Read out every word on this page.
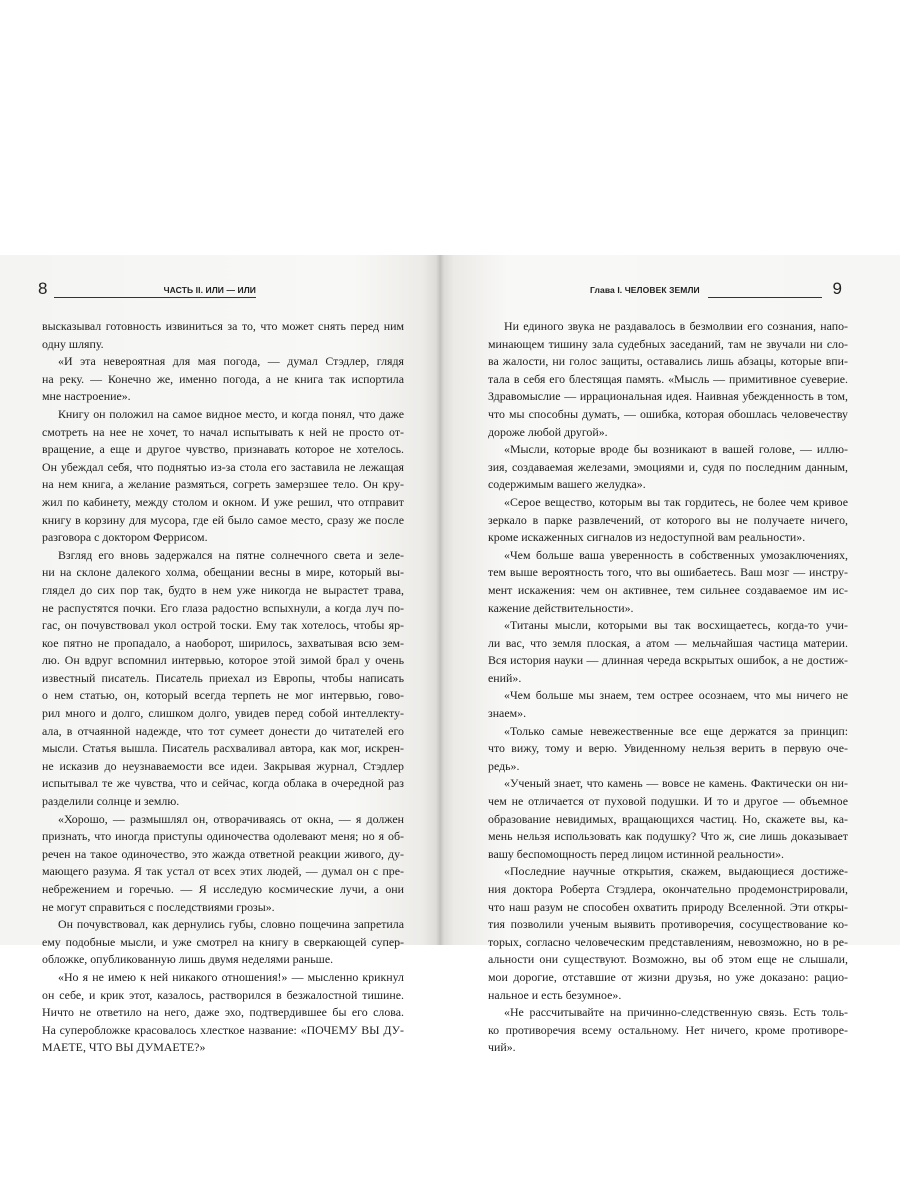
8	ЧАСТЬ II. ИЛИ — ИЛИ
высказывал готовность извиниться за то, что может снять перед ним
одну шляпу.
«И эта невероятная для мая погода, — думал Стэдлер, глядя
на реку. — Конечно же, именно погода, а не книга так испортила
мне настроение».
Книгу он положил на самое видное место, и когда понял, что даже
смотреть на нее не хочет, то начал испытывать к ней не просто от-
вращение, а еще и другое чувство, признавать которое не хотелось.
Он убеждал себя, что поднятью из-за стола его заставила не лежащая
на нем книга, а желание размяться, согреть замерзшее тело. Он кру-
жил по кабинету, между столом и окном. И уже решил, что отправит
книгу в корзину для мусора, где ей было самое место, сразу же после
разговора с доктором Феррисом.
Взгляд его вновь задержался на пятне солнечного света и зеле-
ни на склоне далекого холма, обещании весны в мире, который вы-
глядел до сих пор так, будто в нем уже никогда не вырастет трава,
не распустятся почки. Его глаза радостно вспыхнули, а когда луч по-
гас, он почувствовал укол острой тоски. Ему так хотелось, чтобы яр-
кое пятно не пропадало, а наоборот, ширилось, захватывая всю зем-
лю. Он вдруг вспомнил интервью, которое этой зимой брал у очень
известный писатель. Писатель приехал из Европы, чтобы написать
о нем статью, он, который всегда терпеть не мог интервью, гово-
рил много и долго, слишком долго, увидев перед собой интеллекту-
ала, в отчаянной надежде, что тот сумеет донести до читателей его
мысли. Статья вышла. Писатель расхваливал автора, как мог, искрен-
не исказив до неузнаваемости все идеи. Закрывая журнал, Стэдлер
испытывал те же чувства, что и сейчас, когда облака в очередной раз
разделили солнце и землю.
«Хорошо, — размышлял он, отворачиваясь от окна, — я должен
признать, что иногда приступы одиночества одолевают меня; но я об-
речен на такое одиночество, это жажда ответной реакции живого, ду-
мающего разума. Я так устал от всех этих людей, — думал он с пре-
небрежением и горечью. — Я исследую космические лучи, а они
не могут справиться с последствиями грозы».
Он почувствовал, как дернулись губы, словно пощечина запретила
ему подобные мысли, и уже смотрел на книгу в сверкающей супер-
обложке, опубликованную лишь двумя неделями раньше.
«Но я не имею к ней никакого отношения!» — мысленно крикнул
он себе, и крик этот, казалось, растворился в безжалостной тишине.
Ничто не ответило на него, даже эхо, подтвердившее бы его слова.
На суперобложке красовалось хлесткое название: «ПОЧЕМУ ВЫ ДУ-
МАЕТЕ, ЧТО ВЫ ДУМАЕТЕ?»
Глава I. ЧЕЛОВЕК ЗЕМЛИ	9
Ни единого звука не раздавалось в безмолвии его сознания, напо-
минающем тишину зала судебных заседаний, там не звучали ни сло-
ва жалости, ни голос защиты, оставались лишь абзацы, которые впи-
тала в себя его блестящая память. «Мысль — примитивное суеверие.
Здравомыслие — иррациональная идея. Наивная убежденность в том,
что мы способны думать, — ошибка, которая обошлась человечеству
дороже любой другой».
«Мысли, которые вроде бы возникают в вашей голове, — иллю-
зия, создаваемая железами, эмоциями и, судя по последним данным,
содержимым вашего желудка».
«Серое вещество, которым вы так гордитесь, не более чем кривое
зеркало в парке развлечений, от которого вы не получаете ничего,
кроме искаженных сигналов из недоступной вам реальности».
«Чем больше ваша уверенность в собственных умозаключениях,
тем выше вероятность того, что вы ошибаетесь. Ваш мозг — инстру-
мент искажения: чем он активнее, тем сильнее создаваемое им ис-
кажение действительности».
«Титаны мысли, которыми вы так восхищаетесь, когда-то учи-
ли вас, что земля плоская, а атом — мельчайшая частица материи.
Вся история науки — длинная череда вскрытых ошибок, а не достиж-
ений».
«Чем больше мы знаем, тем острее осознаем, что мы ничего не
знаем».
«Только самые невежественные все еще держатся за принцип:
что вижу, тому и верю. Увиденному нельзя верить в первую оче-
редь».
«Ученый знает, что камень — вовсе не камень. Фактически он ни-
чем не отличается от пуховой подушки. И то и другое — объемное
образование невидимых, вращающихся частиц. Но, скажете вы, ка-
мень нельзя использовать как подушку? Что ж, сие лишь доказывает
вашу беспомощность перед лицом истинной реальности».
«Последние научные открытия, скажем, выдающиеся достиже-
ния доктора Роберта Стэдлера, окончательно продемонстрировали,
что наш разум не способен охватить природу Вселенной. Эти откры-
тия позволили ученым выявить противоречия, сосуществование ко-
торых, согласно человеческим представлениям, невозможно, но в ре-
альности они существуют. Возможно, вы об этом еще не слышали,
мои дорогие, отставшие от жизни друзья, но уже доказано: рацио-
нальное и есть безумное».
«Не рассчитывайте на причинно-следственную связь. Есть толь-
ко противоречия всему остальному. Нет ничего, кроме противоре-
чий».
